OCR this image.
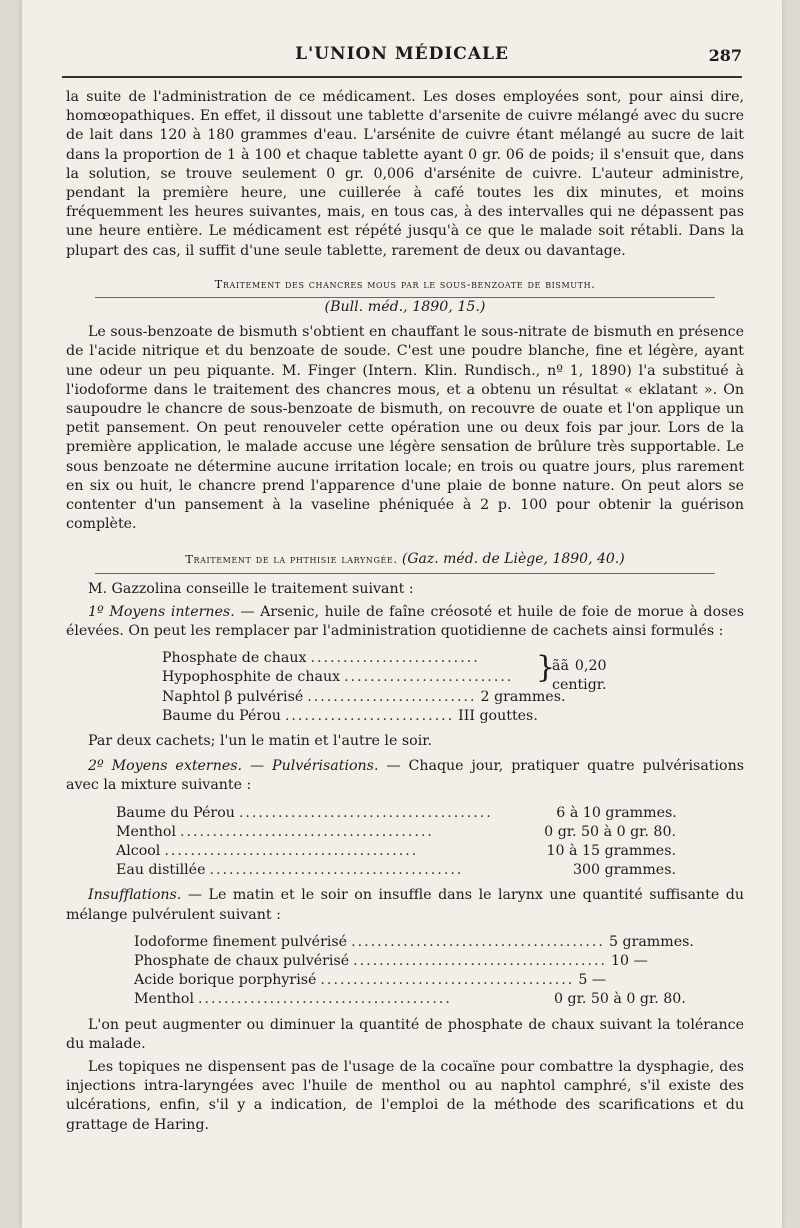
L'UNION MÉDICALE	287

la suite de l'administration de ce médicament. Les doses employées sont, pour ainsi dire, homœopathiques. En effet, il dissout une tablette d'arsenite de cuivre mélangé avec du sucre de lait dans 120 à 180 grammes d'eau. L'arsénite de cuivre étant mélangé au sucre de lait dans la proportion de 1 à 100 et chaque tablette ayant 0 gr. 06 de poids; il s'ensuit que, dans la solution, se trouve seulement 0 gr. 0,006 d'arsénite de cuivre. L'auteur administre, pendant la première heure, une cuillerée à café toutes les dix minutes, et moins fréquemment les heures suivantes, mais, en tous cas, à des intervalles qui ne dépassent pas une heure entière. Le médicament est répété jusqu'à ce que le malade soit rétabli. Dans la plupart des cas, il suffit d'une seule tablette, rarement de deux ou davantage.

Traitement des chancres mous par le sous-benzoate de bismuth.

(Bull. méd., 1890, 15.)

Le sous-benzoate de bismuth s'obtient en chauffant le sous-nitrate de bismuth en présence de l'acide nitrique et du benzoate de soude. C'est une poudre blanche, fine et légère, ayant une odeur un peu piquante. M. Finger (Intern. Klin. Rundisch., nº 1, 1890) l'a substitué à l'iodoforme dans le traitement des chancres mous, et a obtenu un résultat « eklatant ». On saupoudre le chancre de sous-benzoate de bismuth, on recouvre de ouate et l'on applique un petit pansement. On peut renouveler cette opération une ou deux fois par jour. Lors de la première application, le malade accuse une légère sensation de brûlure très supportable. Le sous benzoate ne détermine aucune irritation locale; en trois ou quatre jours, plus rarement en six ou huit, le chancre prend l'apparence d'une plaie de bonne nature. On peut alors se contenter d'un pansement à la vaseline phéniquée à 2 p. 100 pour obtenir la guérison complète.

Traitement de la phthisie laryngée. (Gaz. méd. de Liège, 1890, 40.)

M. Gazzolina conseille le traitement suivant :

1º Moyens internes. — Arsenic, huile de faîne créosoté et huile de foie de morue à doses élevées. On peut les remplacer par l'administration quotidienne de cachets ainsi formulés :

Phosphate de chaux ..........................
Hypophosphite de chaux ..........................
Naphtol β pulvérisé .......................... 2 grammes.
Baume du Pérou .......................... III gouttes.
}
ãã 0,20 centigr.

Par deux cachets; l'un le matin et l'autre le soir.

2º Moyens externes. — Pulvérisations. — Chaque jour, pratiquer quatre pulvérisations avec la mixture suivante :

Baume du Pérou .......................................	6 à 10 grammes.
Menthol .......................................	0 gr. 50 à 0 gr. 80.
Alcool .......................................	10 à 15 grammes.
Eau distillée .......................................	300 grammes.

Insufflations. — Le matin et le soir on insuffle dans le larynx une quantité suffisante du mélange pulvérulent suivant :

Iodoforme finement pulvérisé ....................................... 5 grammes.
Phosphate de chaux pulvérisé ....................................... 10 —
Acide borique porphyrisé ....................................... 5 —
Menthol .......................................	0 gr. 50 à 0 gr. 80.

L'on peut augmenter ou diminuer la quantité de phosphate de chaux suivant la tolérance du malade.

Les topiques ne dispensent pas de l'usage de la cocaïne pour combattre la dysphagie, des injections intra-laryngées avec l'huile de menthol ou au naphtol camphré, s'il existe des ulcérations, enfin, s'il y a indication, de l'emploi de la méthode des scarifications et du grattage de Haring.
